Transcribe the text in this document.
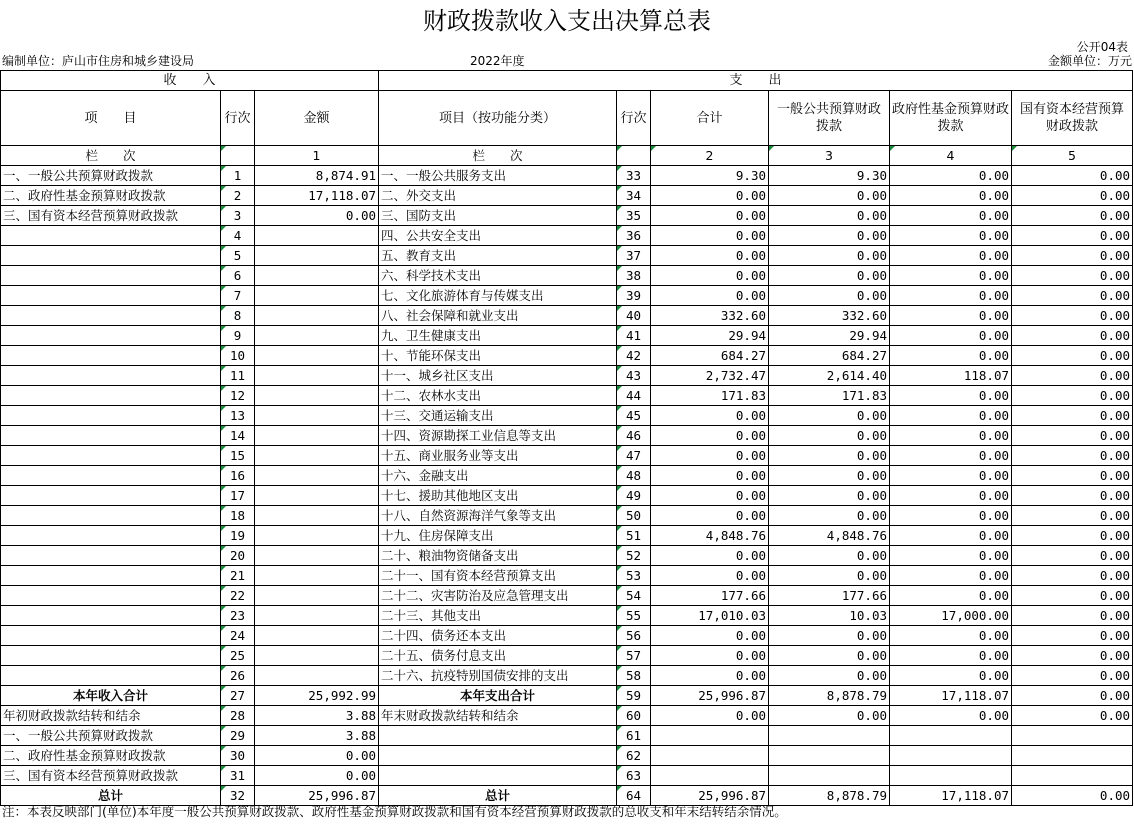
财政拨款收入支出决算总表
公开04表
编制单位：庐山市住房和城乡建设局	2022年度	金额单位：万元
收　　入			支　　出					
项　　目	行次	金额	项目（按功能分类）	行次	合计	一般公共预算财政拨款	政府性基金预算财政拨款	国有资本经营预算财政拨款
栏　　次		1	栏　　次		2	3	4	5
一、一般公共预算财政拨款	1	8,874.91	一、一般公共服务支出	33	9.30	9.30	0.00	0.00
二、政府性基金预算财政拨款	2	17,118.07	二、外交支出	34	0.00	0.00	0.00	0.00
三、国有资本经营预算财政拨款	3	0.00	三、国防支出	35	0.00	0.00	0.00	0.00
	4		四、公共安全支出	36	0.00	0.00	0.00	0.00
	5		五、教育支出	37	0.00	0.00	0.00	0.00
	6		六、科学技术支出	38	0.00	0.00	0.00	0.00
	7		七、文化旅游体育与传媒支出	39	0.00	0.00	0.00	0.00
	8		八、社会保障和就业支出	40	332.60	332.60	0.00	0.00
	9		九、卫生健康支出	41	29.94	29.94	0.00	0.00
	10		十、节能环保支出	42	684.27	684.27	0.00	0.00
	11		十一、城乡社区支出	43	2,732.47	2,614.40	118.07	0.00
	12		十二、农林水支出	44	171.83	171.83	0.00	0.00
	13		十三、交通运输支出	45	0.00	0.00	0.00	0.00
	14		十四、资源勘探工业信息等支出	46	0.00	0.00	0.00	0.00
	15		十五、商业服务业等支出	47	0.00	0.00	0.00	0.00
	16		十六、金融支出	48	0.00	0.00	0.00	0.00
	17		十七、援助其他地区支出	49	0.00	0.00	0.00	0.00
	18		十八、自然资源海洋气象等支出	50	0.00	0.00	0.00	0.00
	19		十九、住房保障支出	51	4,848.76	4,848.76	0.00	0.00
	20		二十、粮油物资储备支出	52	0.00	0.00	0.00	0.00
	21		二十一、国有资本经营预算支出	53	0.00	0.00	0.00	0.00
	22		二十二、灾害防治及应急管理支出	54	177.66	177.66	0.00	0.00
	23		二十三、其他支出	55	17,010.03	10.03	17,000.00	0.00
	24		二十四、债务还本支出	56	0.00	0.00	0.00	0.00
	25		二十五、债务付息支出	57	0.00	0.00	0.00	0.00
	26		二十六、抗疫特别国债安排的支出	58	0.00	0.00	0.00	0.00
本年收入合计	27	25,992.99	本年支出合计	59	25,996.87	8,878.79	17,118.07	0.00
年初财政拨款结转和结余	28	3.88	年末财政拨款结转和结余	60	0.00	0.00	0.00	0.00
一、一般公共预算财政拨款	29	3.88		61				
二、政府性基金预算财政拨款	30	0.00		62				
三、国有资本经营预算财政拨款	31	0.00		63				
总计	32	25,996.87	总计	64	25,996.87	8,878.79	17,118.07	0.00
注：本表反映部门(单位)本年度一般公共预算财政拨款、政府性基金预算财政拨款和国有资本经营预算财政拨款的总收支和年末结转结余情况。
